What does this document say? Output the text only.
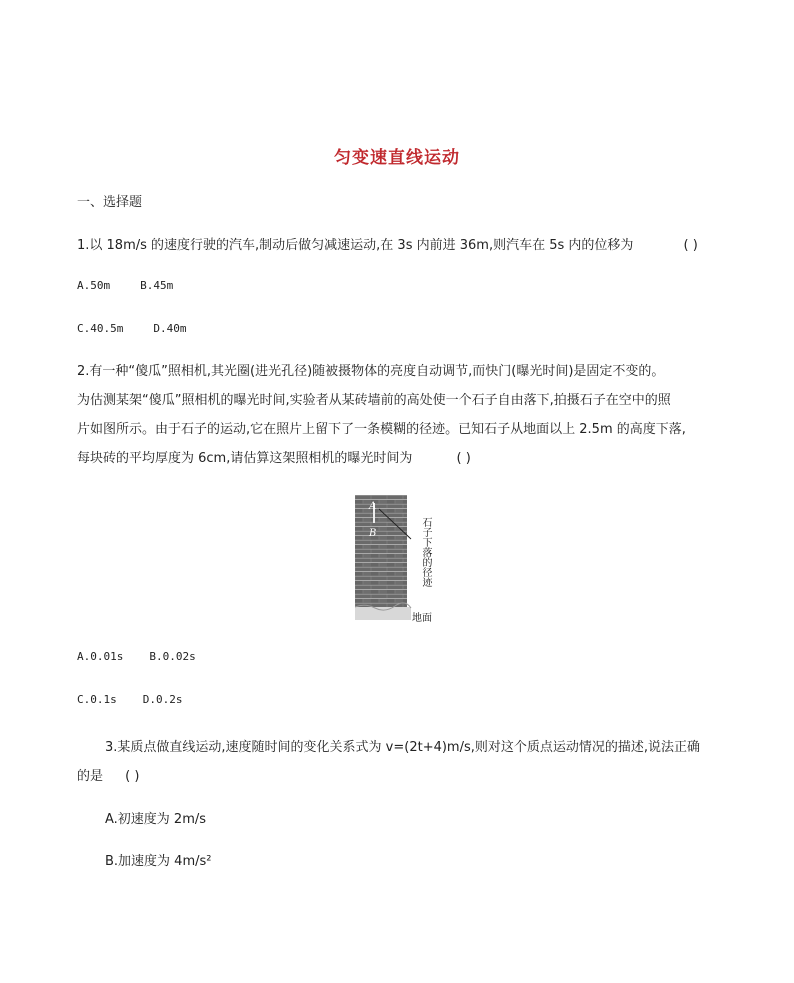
匀变速直线运动
一、选择题
1.以 18m/s 的速度行驶的汽车,制动后做匀减速运动,在 3s 内前进 36m,则汽车在 5s 内的位移为	( )
A.50m	B.45m
C.40.5m	D.40m
2.有一种“傻瓜”照相机,其光圈(进光孔径)随被摄物体的亮度自动调节,而快门(曝光时间)是固定不变的。
为估测某架“傻瓜”照相机的曝光时间,实验者从某砖墙前的高处使一个石子自由落下,拍摄石子在空中的照
片如图所示。由于石子的运动,它在照片上留下了一条模糊的径迹。已知石子从地面以上 2.5m 的高度下落,
每块砖的平均厚度为 6cm,请估算这架照相机的曝光时间为	( )
A
B	石子下落的径迹
地面
A.0.01s B.0.02s
C.0.1s D.0.2s
3.某质点做直线运动,速度随时间的变化关系式为 v=(2t+4)m/s,则对这个质点运动情况的描述,说法正确
的是 ( )
A.初速度为 2m/s
B.加速度为 4m/s²
